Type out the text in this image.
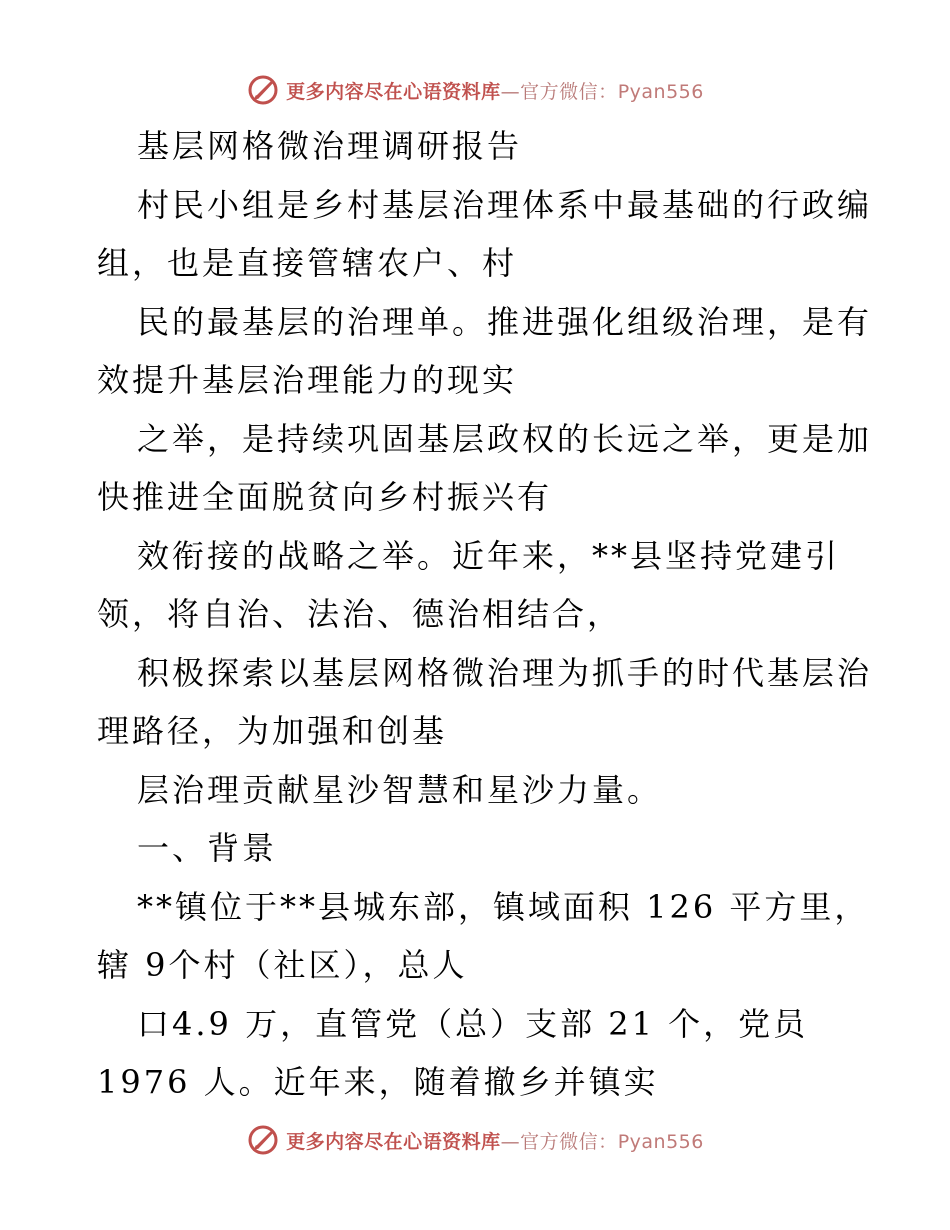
更多内容尽在心语资料库—官方微信：Pyan556
基层网格微治理调研报告
村民小组是乡村基层治理体系中最基础的行政编
组，也是直接管辖农户、村
民的最基层的治理单。推进强化组级治理，是有
效提升基层治理能力的现实
之举，是持续巩固基层政权的长远之举，更是加
快推进全面脱贫向乡村振兴有
效衔接的战略之举。近年来，**县坚持党建引
领，将自治、法治、德治相结合，
积极探索以基层网格微治理为抓手的时代基层治
理路径，为加强和创基
层治理贡献星沙智慧和星沙力量。
一、背景
**镇位于**县城东部，镇域面积 126 平方里，
辖 9个村（社区），总人
口4.9 万，直管党（总）支部 21 个，党员
1976 人。近年来，随着撤乡并镇实
更多内容尽在心语资料库—官方微信：Pyan556
